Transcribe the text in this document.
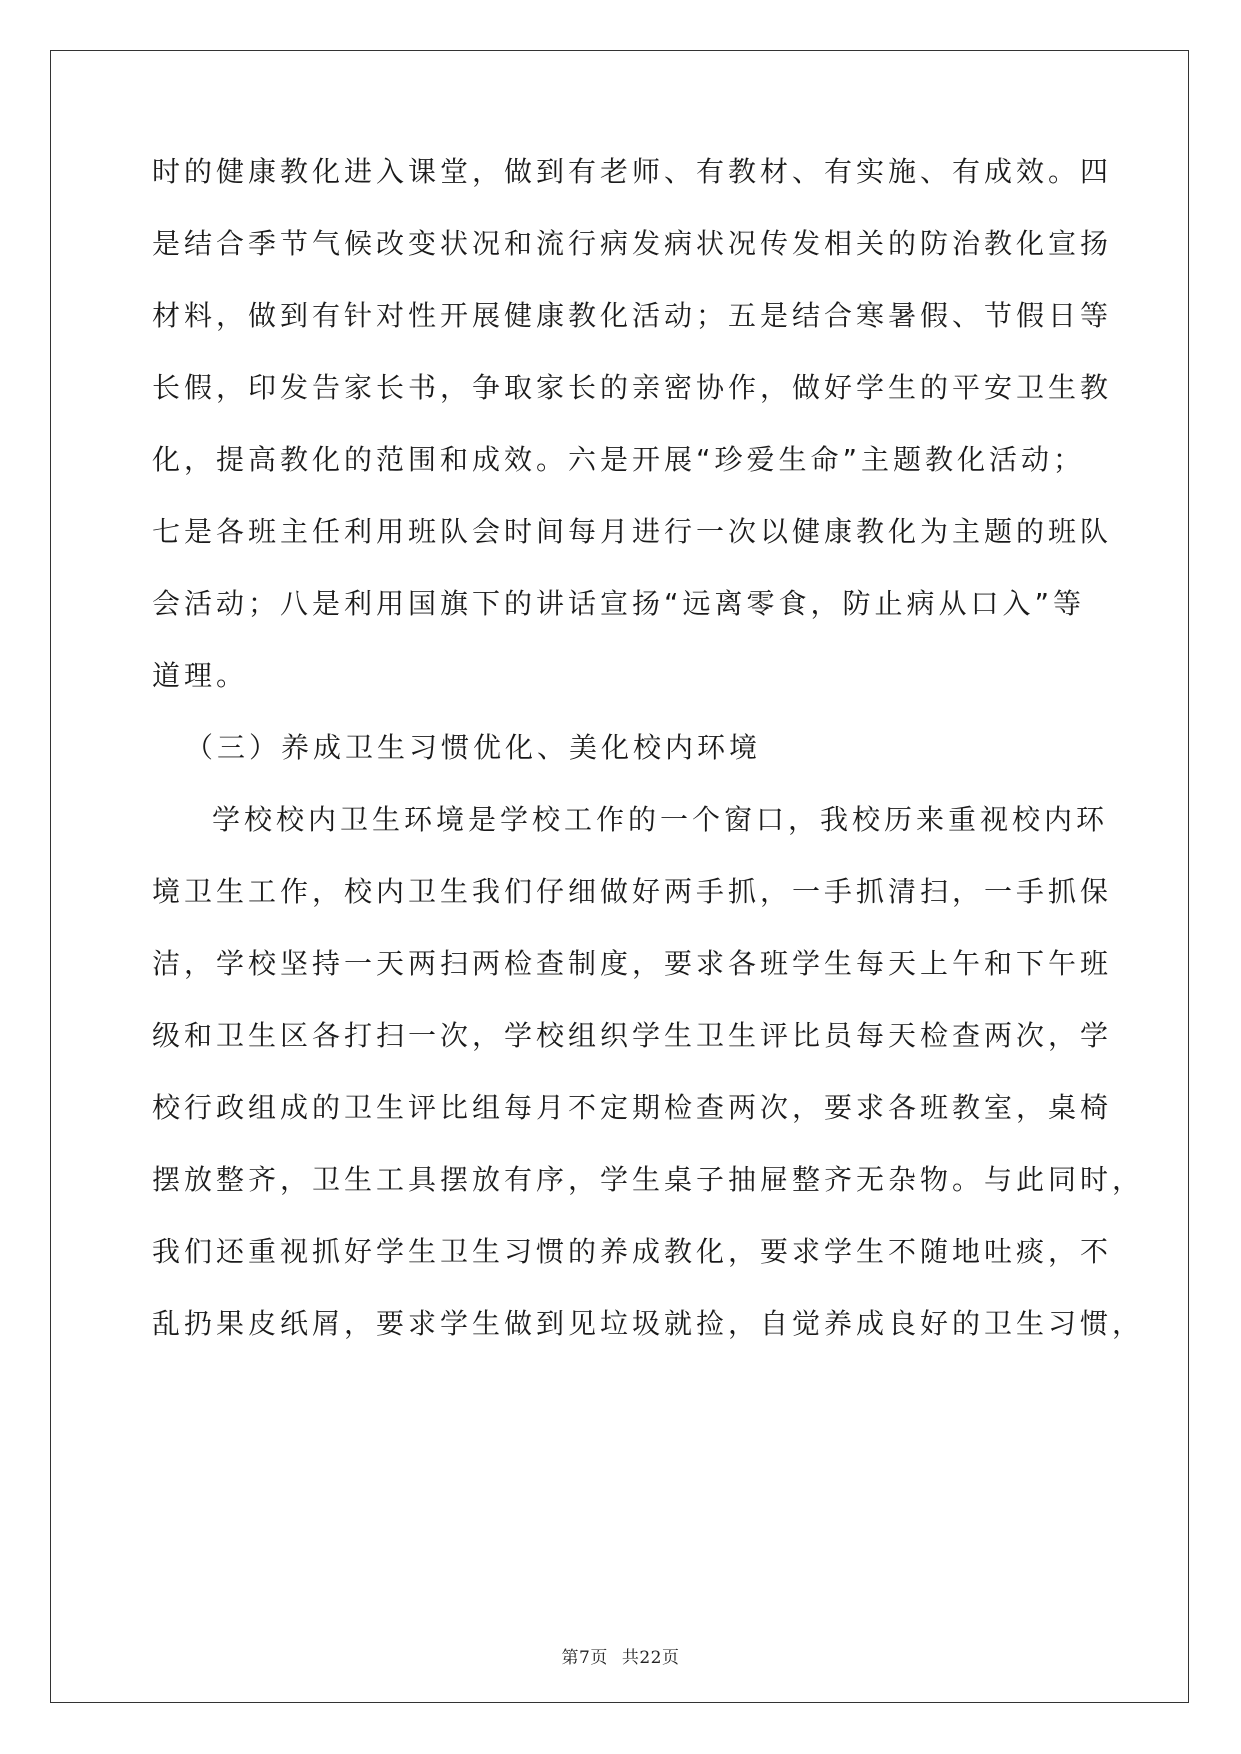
时的健康教化进入课堂，做到有老师、有教材、有实施、有成效。四
是结合季节气候改变状况和流行病发病状况传发相关的防治教化宣扬
材料，做到有针对性开展健康教化活动；五是结合寒暑假、节假日等
长假，印发告家长书，争取家长的亲密协作，做好学生的平安卫生教
化，提高教化的范围和成效。六是开展“珍爱生命”主题教化活动；
七是各班主任利用班队会时间每月进行一次以健康教化为主题的班队
会活动；八是利用国旗下的讲话宣扬“远离零食，防止病从口入”等
道理。
（三）养成卫生习惯优化、美化校内环境
学校校内卫生环境是学校工作的一个窗口，我校历来重视校内环
境卫生工作，校内卫生我们仔细做好两手抓，一手抓清扫，一手抓保
洁，学校坚持一天两扫两检查制度，要求各班学生每天上午和下午班
级和卫生区各打扫一次，学校组织学生卫生评比员每天检查两次，学
校行政组成的卫生评比组每月不定期检查两次，要求各班教室，桌椅
摆放整齐，卫生工具摆放有序，学生桌子抽屉整齐无杂物。与此同时，
我们还重视抓好学生卫生习惯的养成教化，要求学生不随地吐痰，不
乱扔果皮纸屑，要求学生做到见垃圾就捡，自觉养成良好的卫生习惯，
第7页 共22页
